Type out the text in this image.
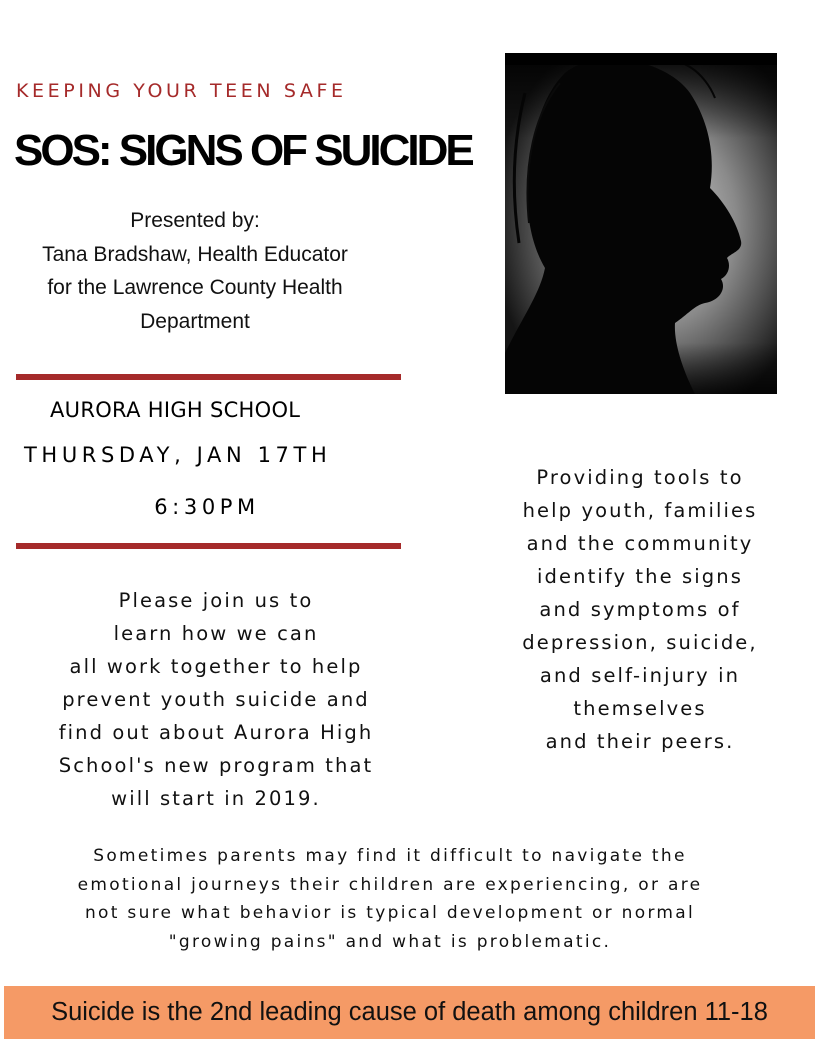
KEEPING YOUR TEEN SAFE
SOS: SIGNS OF SUICIDE
Presented by:
Tana Bradshaw, Health Educator
for the Lawrence County Health
Department
AURORA HIGH SCHOOL
THURSDAY, JAN 17TH
6:30PM
Please join us to
learn how we can
all work together to help
prevent youth suicide and
find out about Aurora High
School's new program that
will start in 2019.
Providing tools to
help youth, families
and the community
identify the signs
and symptoms of
depression, suicide,
and self-injury in
themselves
and their peers.
Sometimes parents may find it difficult to navigate the
emotional journeys their children are experiencing, or are
not sure what behavior is typical development or normal
"growing pains" and what is problematic.
Suicide is the 2nd leading cause of death among children 11-18
